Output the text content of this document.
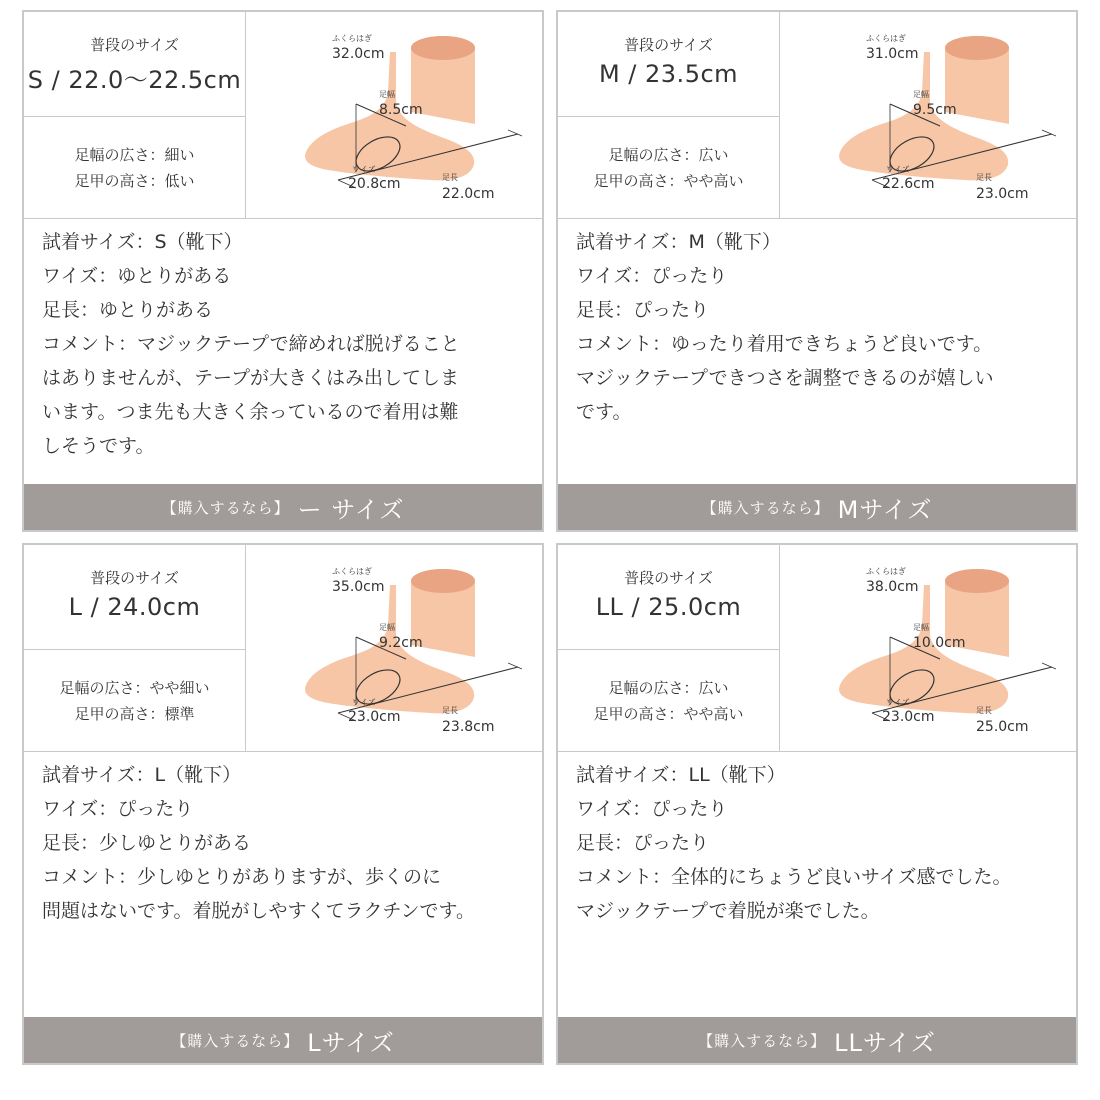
普段のサイズ
S / 22.0〜22.5cm
足幅の広さ：細い
足甲の高さ：低い
ふくらはぎ
32.0cm
足幅
8.5cm
ワイズ
20.8cm	足長
22.0cm
試着サイズ：S（靴下）
ワイズ：ゆとりがある
足長：ゆとりがある
コメント：マジックテープで締めれば脱げること
はありませんが、テープが大きくはみ出してしま
います。つま先も大きく余っているので着用は難
しそうです。
【購入するなら】 ー サイズ
普段のサイズ
M / 23.5cm
足幅の広さ：広い
足甲の高さ：やや高い
ふくらはぎ
31.0cm
足幅
9.5cm
ワイズ
22.6cm	足長
23.0cm
試着サイズ：M（靴下）
ワイズ：ぴったり
足長：ぴったり
コメント：ゆったり着用できちょうど良いです。
マジックテープできつさを調整できるのが嬉しい
です。
【購入するなら】 Mサイズ
普段のサイズ
L / 24.0cm
足幅の広さ：やや細い
足甲の高さ：標準
ふくらはぎ
35.0cm
足幅
9.2cm
ワイズ
23.0cm	足長
23.8cm
試着サイズ：L（靴下）
ワイズ：ぴったり
足長：少しゆとりがある
コメント：少しゆとりがありますが、歩くのに
問題はないです。着脱がしやすくてラクチンです。
【購入するなら】 Lサイズ
普段のサイズ
LL / 25.0cm
足幅の広さ：広い
足甲の高さ：やや高い
ふくらはぎ
38.0cm
足幅
10.0cm
ワイズ
23.0cm	足長
25.0cm
試着サイズ：LL（靴下）
ワイズ：ぴったり
足長：ぴったり
コメント：全体的にちょうど良いサイズ感でした。
マジックテープで着脱が楽でした。
【購入するなら】 LLサイズ
